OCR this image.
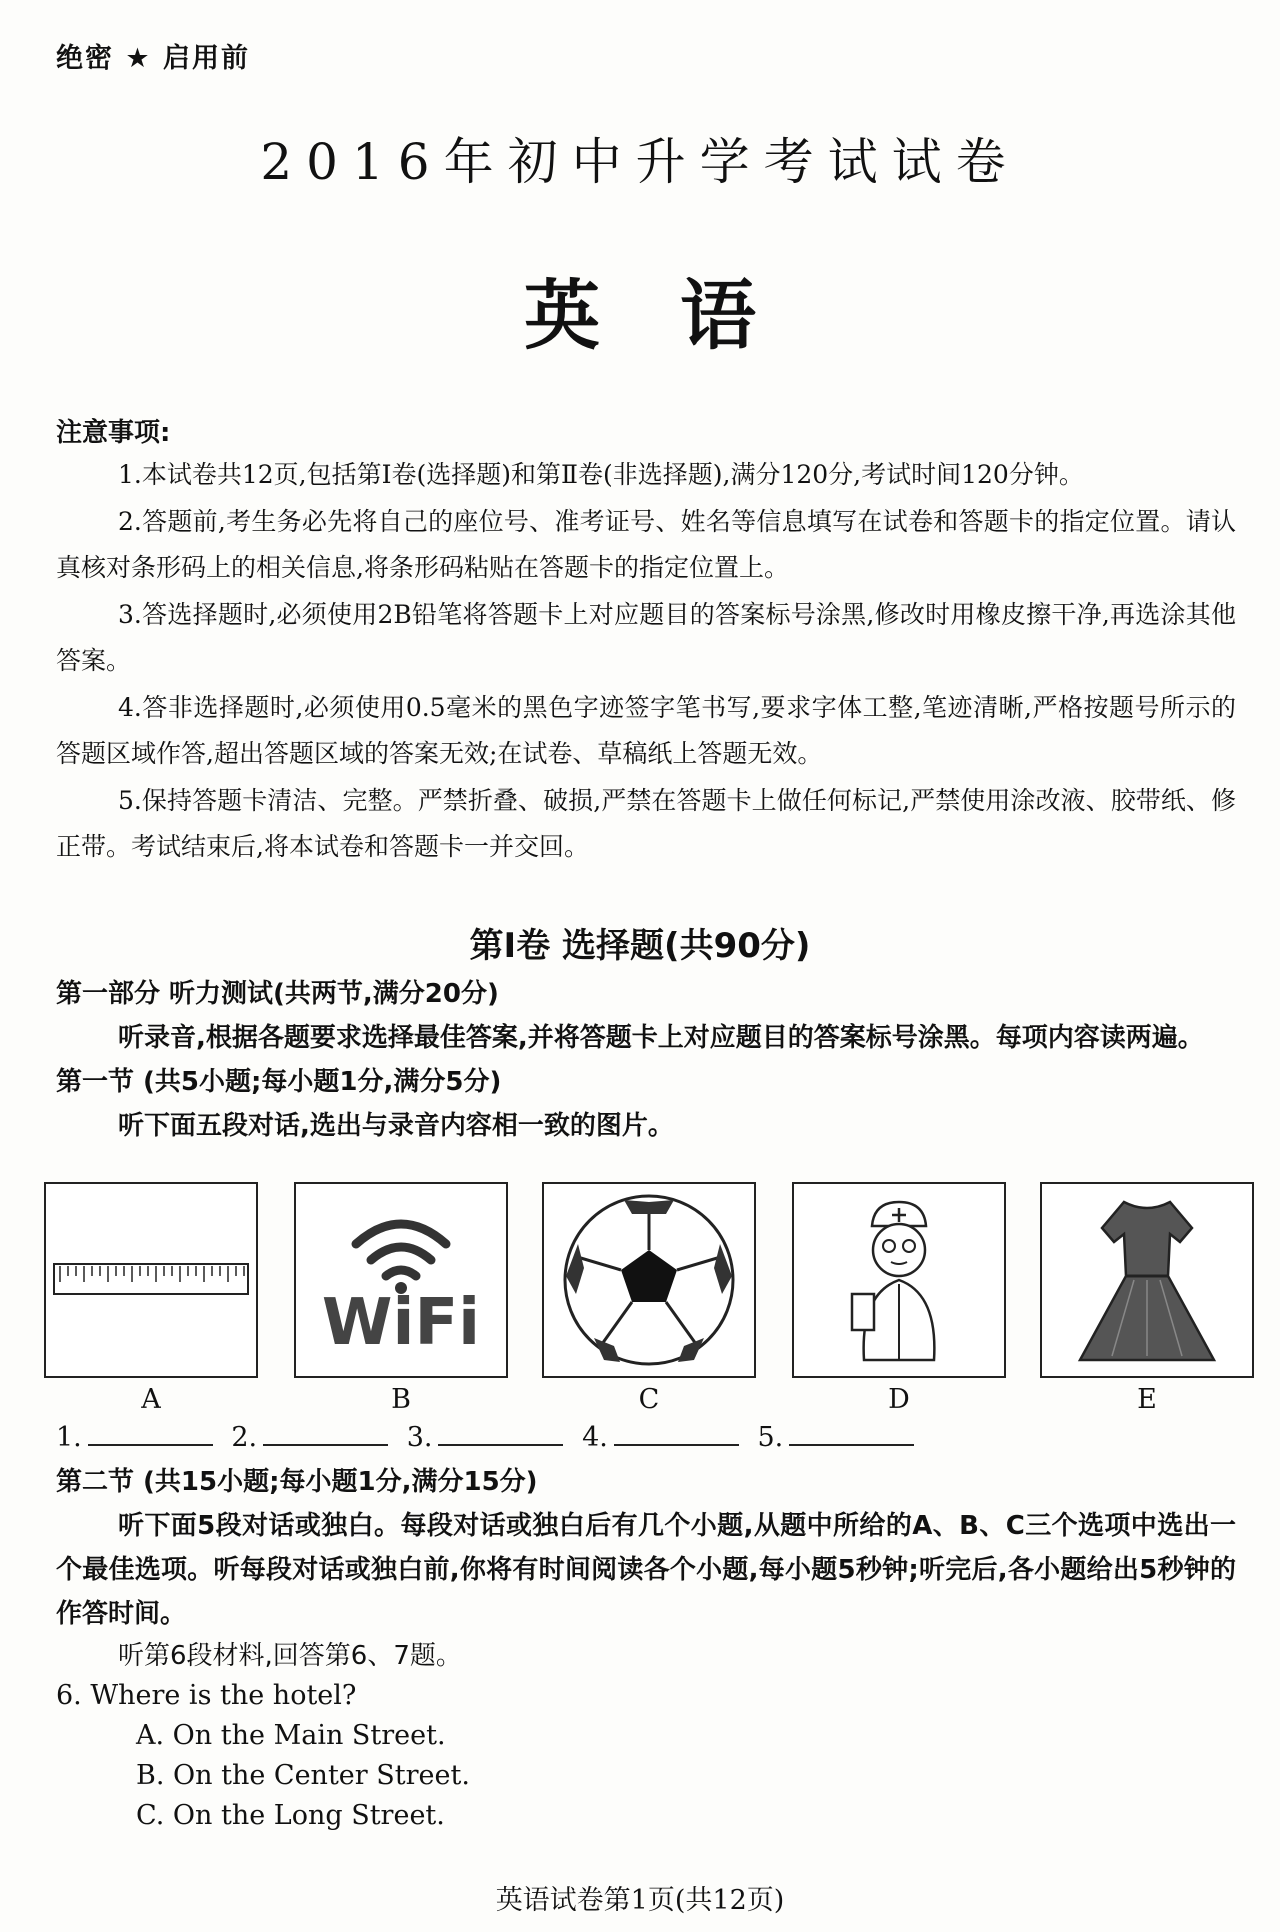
绝密 ★ 启用前
2016年初中升学考试试卷
英语
注意事项:

1.本试卷共12页,包括第Ⅰ卷(选择题)和第Ⅱ卷(非选择题),满分120分,考试时间120分钟。

2.答题前,考生务必先将自己的座位号、准考证号、姓名等信息填写在试卷和答题卡的指定位置。请认真核对条形码上的相关信息,将条形码粘贴在答题卡的指定位置上。

3.答选择题时,必须使用2B铅笔将答题卡上对应题目的答案标号涂黑,修改时用橡皮擦干净,再选涂其他答案。

4.答非选择题时,必须使用0.5毫米的黑色字迹签字笔书写,要求字体工整,笔迹清晰,严格按题号所示的答题区域作答,超出答题区域的答案无效;在试卷、草稿纸上答题无效。

5.保持答题卡清洁、完整。严禁折叠、破损,严禁在答题卡上做任何标记,严禁使用涂改液、胶带纸、修正带。考试结束后,将本试卷和答题卡一并交回。

第Ⅰ卷 选择题(共90分)

第一部分 听力测试(共两节,满分20分)

听录音,根据各题要求选择最佳答案,并将答题卡上对应题目的答案标号涂黑。每项内容读两遍。

第一节 (共5小题;每小题1分,满分5分)

听下面五段对话,选出与录音内容相一致的图片。

A
WiFi
B	C	D	E
1.	2.	3.	4.	5.

第二节 (共15小题;每小题1分,满分15分)

听下面5段对话或独白。每段对话或独白后有几个小题,从题中所给的A、B、C三个选项中选出一个最佳选项。听每段对话或独白前,你将有时间阅读各个小题,每小题5秒钟;听完后,各小题给出5秒钟的作答时间。

听第6段材料,回答第6、7题。
6. Where is the hotel?
A. On the Main Street.
B. On the Center Street.
C. On the Long Street.
英语试卷第1页(共12页)
